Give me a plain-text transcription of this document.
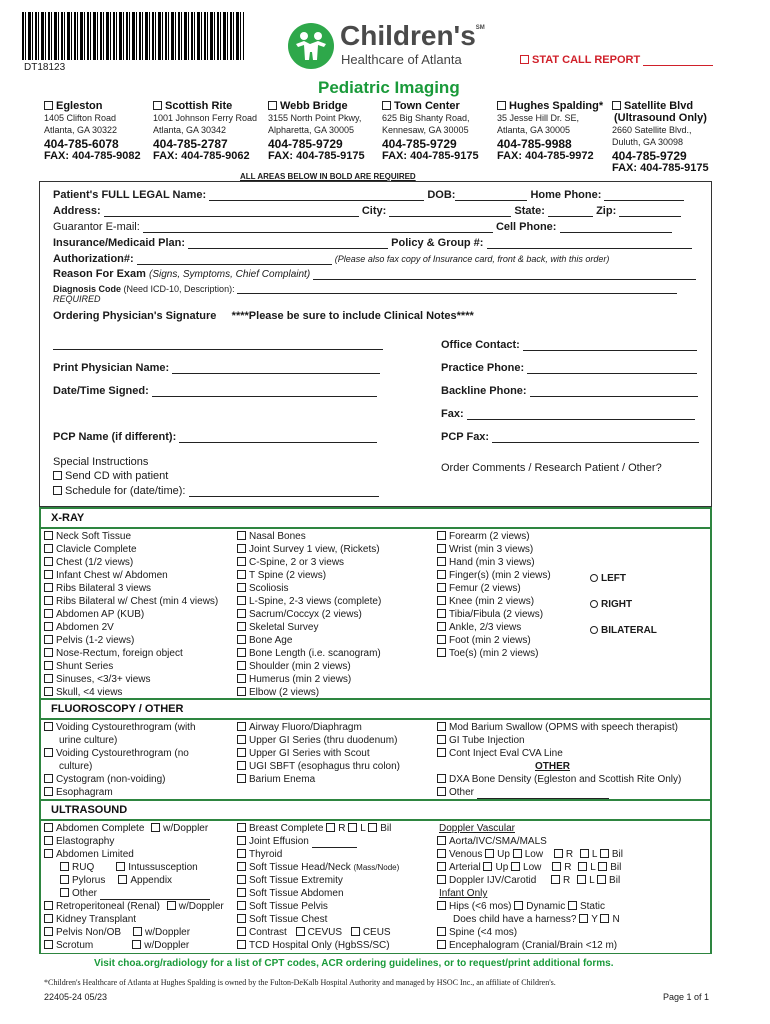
DT18123
Children's℠
Healthcare of Atlanta	STAT CALL REPORT
Pediatric Imaging
Egleston
1405 Clifton Road
Atlanta, GA 30322
404-785-6078
FAX: 404-785-9082
Scottish Rite
1001 Johnson Ferry Road
Atlanta, GA 30342
404-785-2787
FAX: 404-785-9062
Webb Bridge
3155 North Point Pkwy,
Alpharetta, GA 30005
404-785-9729
FAX: 404-785-9175
Town Center
625 Big Shanty Road,
Kennesaw, GA 30005
404-785-9729
FAX: 404-785-9175
Hughes Spalding*
35 Jesse Hill Dr. SE,
Atlanta, GA 30005
404-785-9988
FAX: 404-785-9972
Satellite Blvd
(Ultrasound Only)
2660 Satellite Blvd.,
Duluth, GA 30098
404-785-9729
FAX: 404-785-9175
ALL AREAS BELOW IN BOLD ARE REQUIRED
Patient's FULL LEGAL Name:	DOB:	Home Phone:
Address:	City:	State:	Zip:
Guarantor E-mail:	Cell Phone:
Insurance/Medicaid Plan:	Policy & Group #:
Authorization#:	(Please also fax copy of Insurance card, front & back, with this order)
Reason For Exam (Signs, Symptoms, Chief Complaint)
Diagnosis Code (Need ICD-10, Description):
REQUIRED
Ordering Physician's Signature ****Please be sure to include Clinical Notes****
Office Contact:
Print Physician Name:	Practice Phone:
Date/Time Signed:	Backline Phone:
Fax:
PCP Name (if different):	PCP Fax:
Special Instructions
Send CD with patient
Schedule for (date/time):
Order Comments / Research Patient / Other?
X-RAY
Neck Soft Tissue
Clavicle Complete
Chest (1/2 views)
Infant Chest w/ Abdomen
Ribs Bilateral 3 views
Ribs Bilateral w/ Chest (min 4 views)
Abdomen AP (KUB)
Abdomen 2V
Pelvis (1-2 views)
Nose-Rectum, foreign object
Shunt Series
Sinuses, <3/3+ views
Skull, <4 views
Nasal Bones
Joint Survey 1 view, (Rickets)
C-Spine, 2 or 3 views
T Spine (2 views)
Scoliosis
L-Spine, 2-3 views (complete)
Sacrum/Coccyx (2 views)
Skeletal Survey
Bone Age
Bone Length (i.e. scanogram)
Shoulder (min 2 views)
Humerus (min 2 views)
Elbow (2 views)
Forearm (2 views)
Wrist (min 3 views)
Hand (min 3 views)
Finger(s) (min 2 views)
Femur (2 views)
Knee (min 2 views)
Tibia/Fibula (2 views)
Ankle, 2/3 views
Foot (min 2 views)
Toe(s) (min 2 views)
LEFT
RIGHT
BILATERAL
FLUOROSCOPY / OTHER
Voiding Cystourethrogram (with
urine culture)
Voiding Cystourethrogram (no
culture)
Cystogram (non-voiding)
Esophagram
Airway Fluoro/Diaphragm
Upper GI Series (thru duodenum)
Upper GI Series with Scout
UGI SBFT (esophagus thru colon)
Barium Enema
Mod Barium Swallow (OPMS with speech therapist)
GI Tube Injection
Cont Inject Eval CVA Line
OTHER
DXA Bone Density (Egleston and Scottish Rite Only)
Other
ULTRASOUND
Abdomen Complete w/Doppler
Elastography
Abdomen Limited
RUQ	Intussusception
Pylorus	Appendix
Other
Retroperitoneal (Renal) w/Doppler
Kidney Transplant
Pelvis Non/OB w/Doppler
Scrotum	w/Doppler
Breast Complete R L Bil
Joint Effusion
Thyroid
Soft Tissue Head/Neck (Mass/Node)
Soft Tissue Extremity
Soft Tissue Abdomen
Soft Tissue Pelvis
Soft Tissue Chest
Contrast CEVUS CEUS
TCD Hospital Only (HgbSS/SC)
Doppler Vascular
Aorta/IVC/SMA/MALS
Venous Up Low R L Bil
Arterial Up Low R L Bil
Doppler IJV/Carotid	R L Bil
Infant Only
Hips (<6 mos) Dynamic Static
Does child have a harness? Y N
Spine (<4 mos)
Encephalogram (Cranial/Brain <12 m)
Visit choa.org/radiology for a list of CPT codes, ACR ordering guidelines, or to request/print additional forms.
*Children's Healthcare of Atlanta at Hughes Spalding is owned by the Fulton-DeKalb Hospital Authority and managed by HSOC Inc., an affiliate of Children's.
22405-24 05/23	Page 1 of 1
